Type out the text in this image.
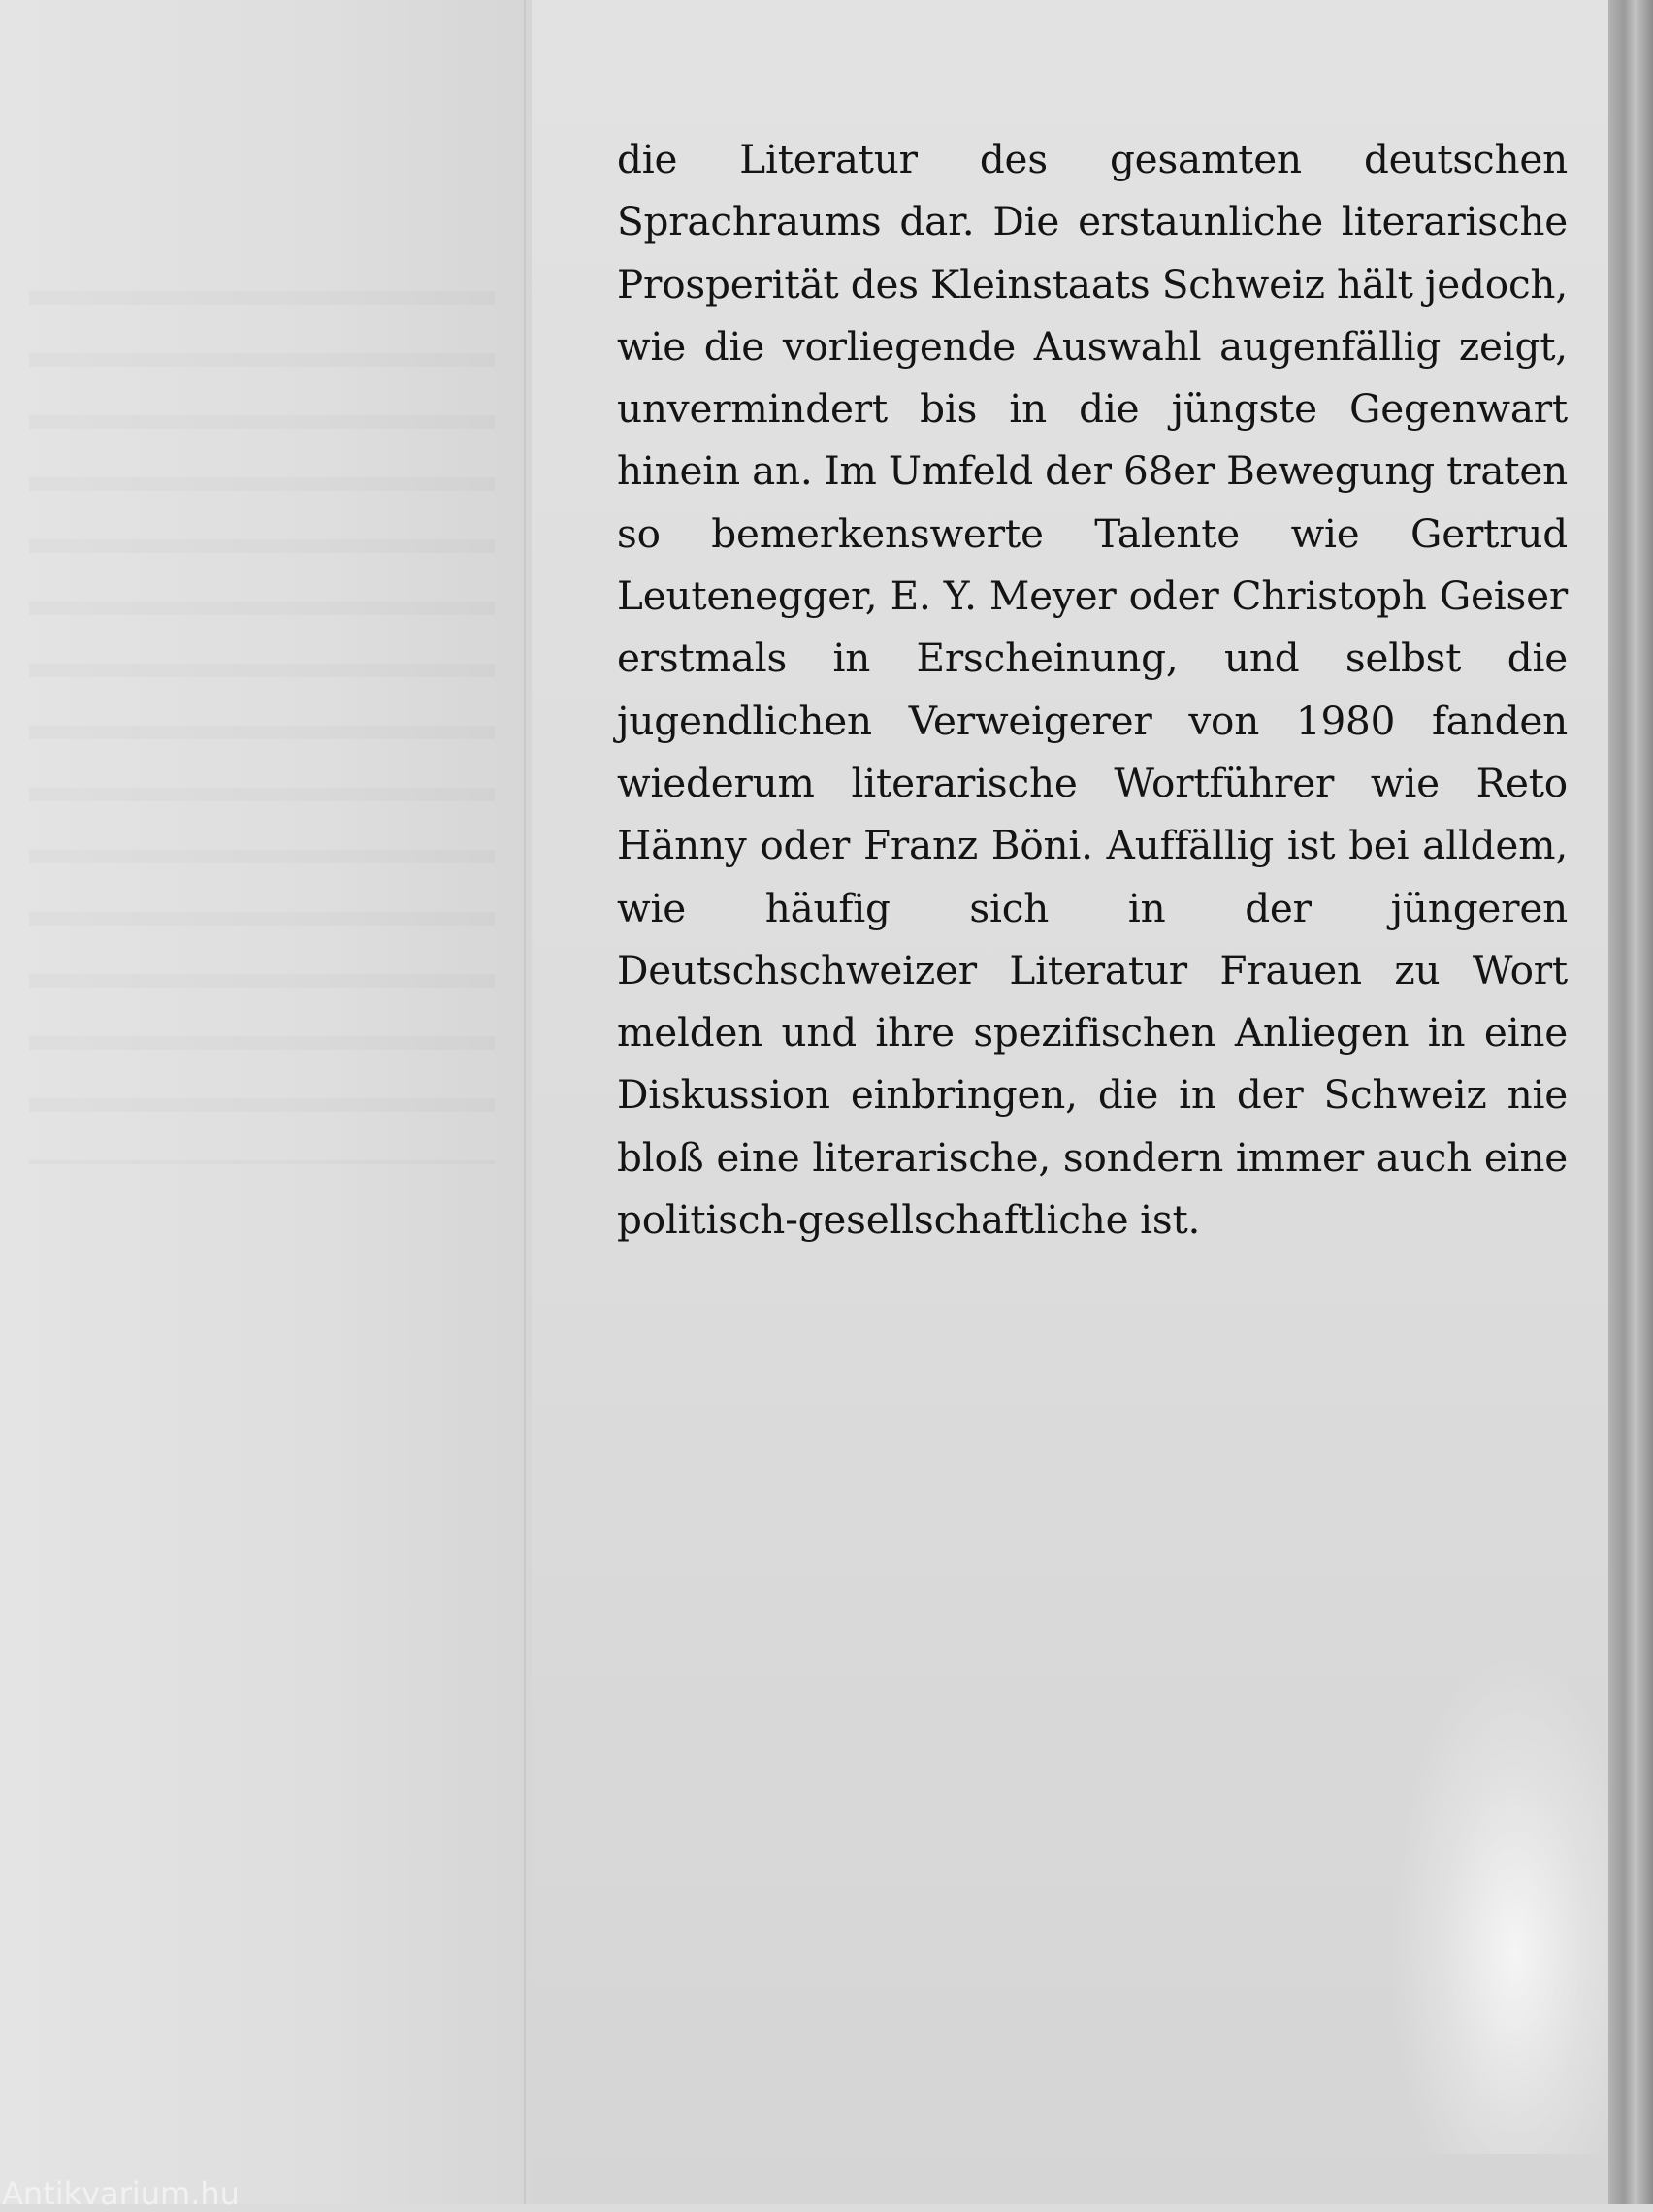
die Literatur des gesamten deutschen Sprachraums dar. Die erstaunliche literarische Prosperität des Kleinstaats Schweiz hält jedoch, wie die vorliegende Auswahl augenfällig zeigt, unvermindert bis in die jüngste Gegenwart hinein an. Im Umfeld der 68er Bewegung traten so bemerkenswerte Talente wie Gertrud Leutenegger, E. Y. Meyer oder Christoph Geiser erstmals in Erscheinung, und selbst die jugendlichen Verweigerer von 1980 fanden wiederum literarische Wortführer wie Reto Hänny oder Franz Böni. Auffällig ist bei alldem, wie häufig sich in der jüngeren Deutschschweizer Literatur Frauen zu Wort melden und ihre spezifischen Anliegen in eine Diskussion einbringen, die in der Schweiz nie bloß eine literarische, sondern immer auch eine politisch-gesellschaftliche ist.

Antikvarium.hu
